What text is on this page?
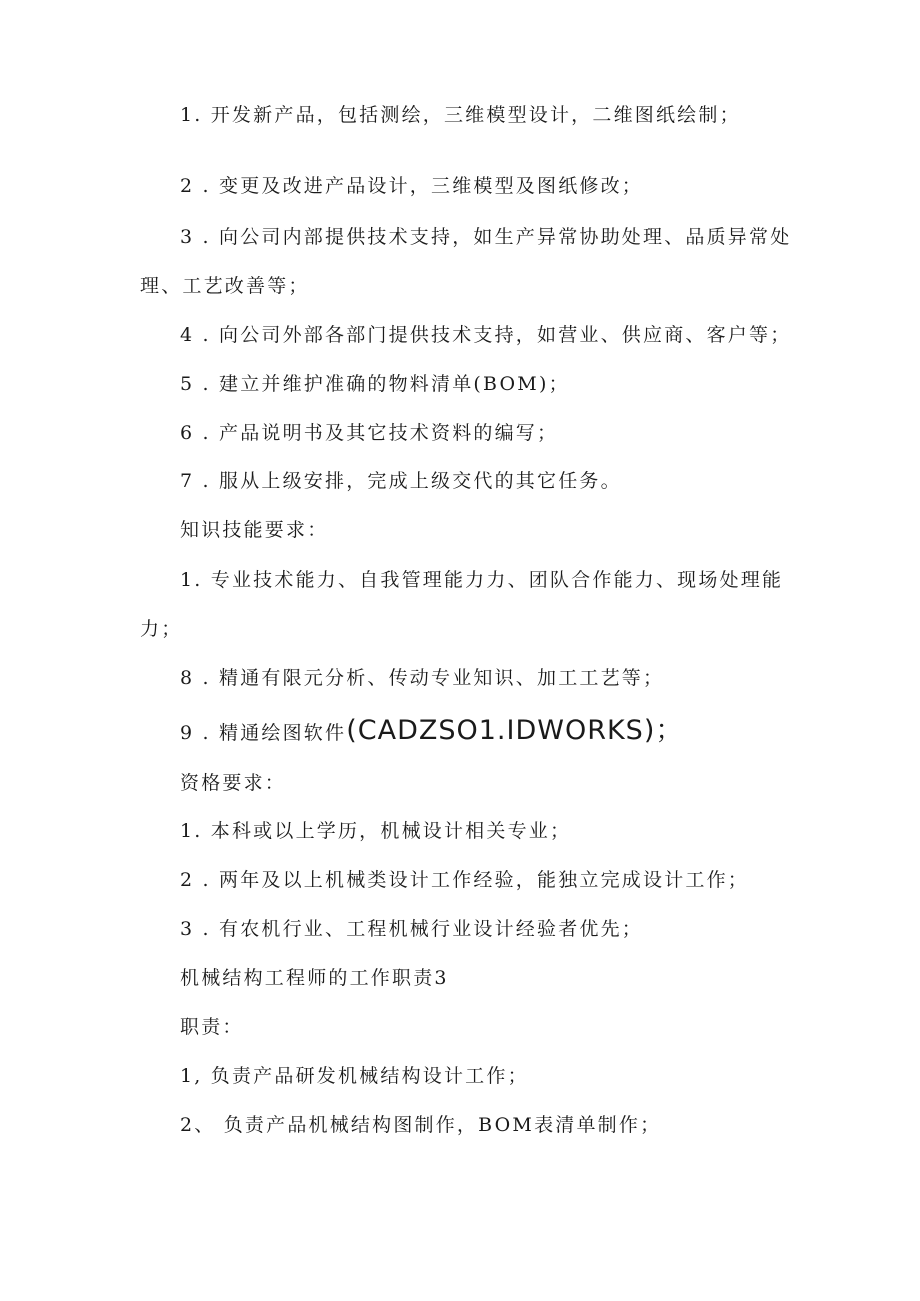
1. 开发新产品，包括测绘，三维模型设计，二维图纸绘制；
2 . 变更及改进产品设计，三维模型及图纸修改；
3 . 向公司内部提供技术支持，如生产异常协助处理、品质异常处
理、工艺改善等；
4 . 向公司外部各部门提供技术支持，如营业、供应商、客户等；
5 . 建立并维护准确的物料清单(BOM)；
6 . 产品说明书及其它技术资料的编写；
7 . 服从上级安排，完成上级交代的其它任务。
知识技能要求：
1. 专业技术能力、自我管理能力力、团队合作能力、现场处理能
力；
8 . 精通有限元分析、传动专业知识、加工工艺等；
9 . 精通绘图软件(CADZSO1.IDWORKS)；
资格要求：
1. 本科或以上学历，机械设计相关专业；
2 . 两年及以上机械类设计工作经验，能独立完成设计工作；
3 . 有农机行业、工程机械行业设计经验者优先；
机械结构工程师的工作职责3
职责：
1, 负责产品研发机械结构设计工作；
2、 负责产品机械结构图制作，BOM表清单制作；
